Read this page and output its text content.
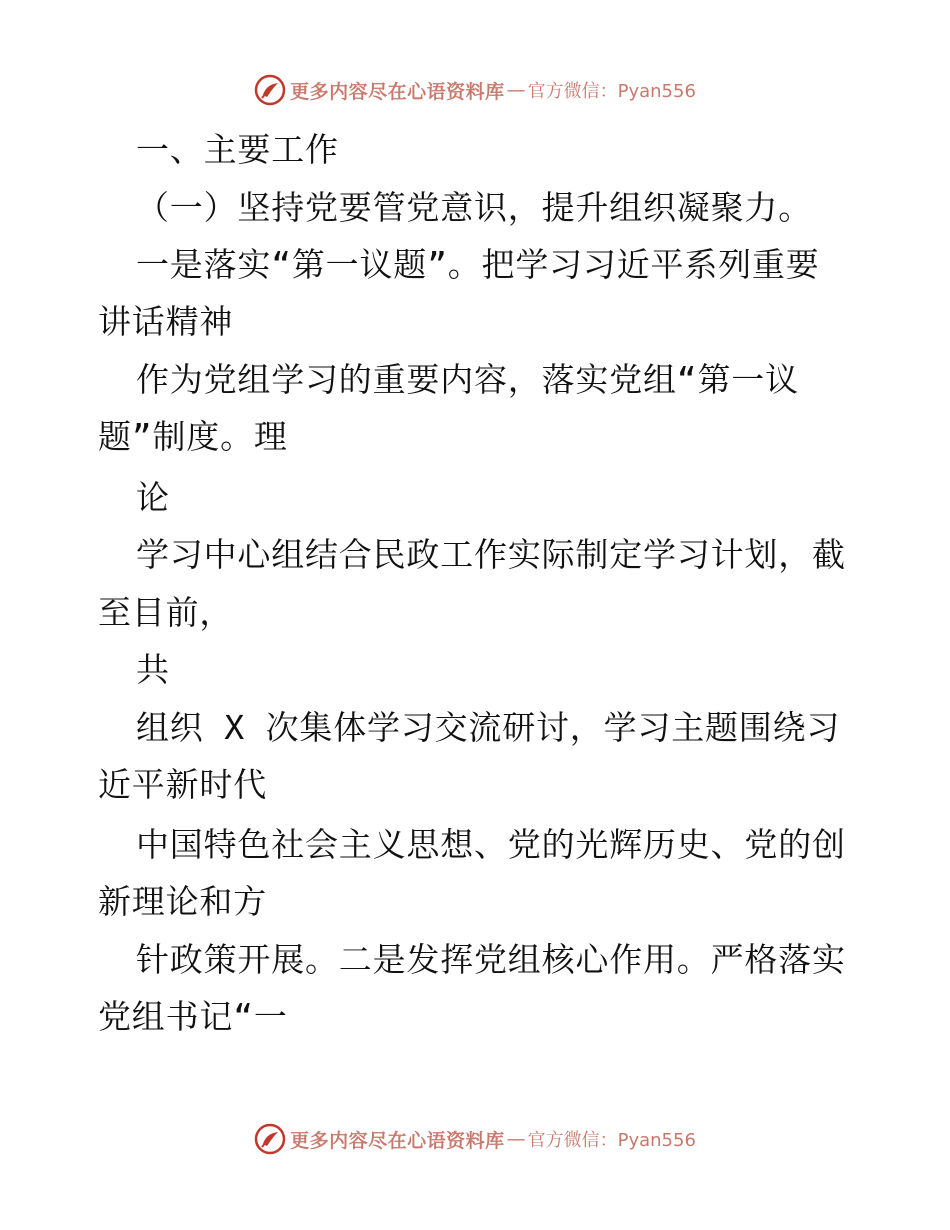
更多内容尽在心语资料库 — 官方微信：Pyan556

一、主要工作

（一）坚持党要管党意识，提升组织凝聚力。

一是落实“第一议题”。把学习习近平系列重要

讲话精神

作为党组学习的重要内容，落实党组“第一议

题”制度。理

论

学习中心组结合民政工作实际制定学习计划，截

至目前，

共

组织 X 次集体学习交流研讨，学习主题围绕习

近平新时代

中国特色社会主义思想、党的光辉历史、党的创

新理论和方

针政策开展。二是发挥党组核心作用。严格落实

党组书记“一

更多内容尽在心语资料库 — 官方微信：Pyan556
